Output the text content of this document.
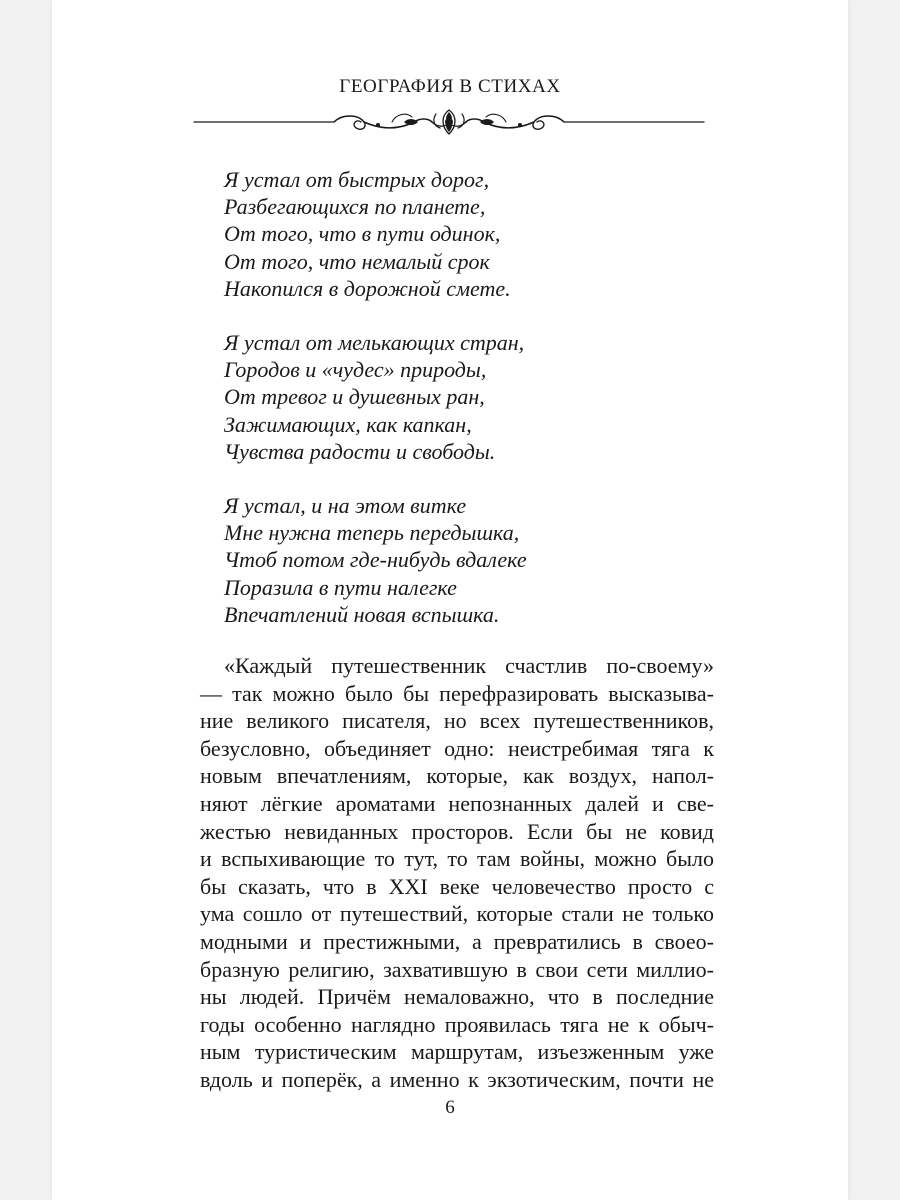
ГЕОГРАФИЯ В СТИХАХ
Я устал от быстрых дорог,
Разбегающихся по планете,
От того, что в пути одинок,
От того, что немалый срок
Накопился в дорожной смете.
Я устал от мелькающих стран,
Городов и «чудес» природы,
От тревог и душевных ран,
Зажимающих, как капкан,
Чувства радости и свободы.
Я устал, и на этом витке
Мне нужна теперь передышка,
Чтоб потом где-нибудь вдалеке
Поразила в пути налегке
Впечатлений новая вспышка.
«Каждый путешественник счастлив по-своему»
— так можно было бы перефразировать высказыва-
ние великого писателя, но всех путешественников,
безусловно, объединяет одно: неистребимая тяга к
новым впечатлениям, которые, как воздух, напол-
няют лёгкие ароматами непознанных далей и све-
жестью невиданных просторов. Если бы не ковид
и вспыхивающие то тут, то там войны, можно было
бы сказать, что в XXI веке человечество просто с
ума сошло от путешествий, которые стали не только
модными и престижными, а превратились в своео-
бразную религию, захватившую в свои сети миллио-
ны людей. Причём немаловажно, что в последние
годы особенно наглядно проявилась тяга не к обыч-
ным туристическим маршрутам, изъезженным уже
вдоль и поперёк, а именно к экзотическим, почти не
6
